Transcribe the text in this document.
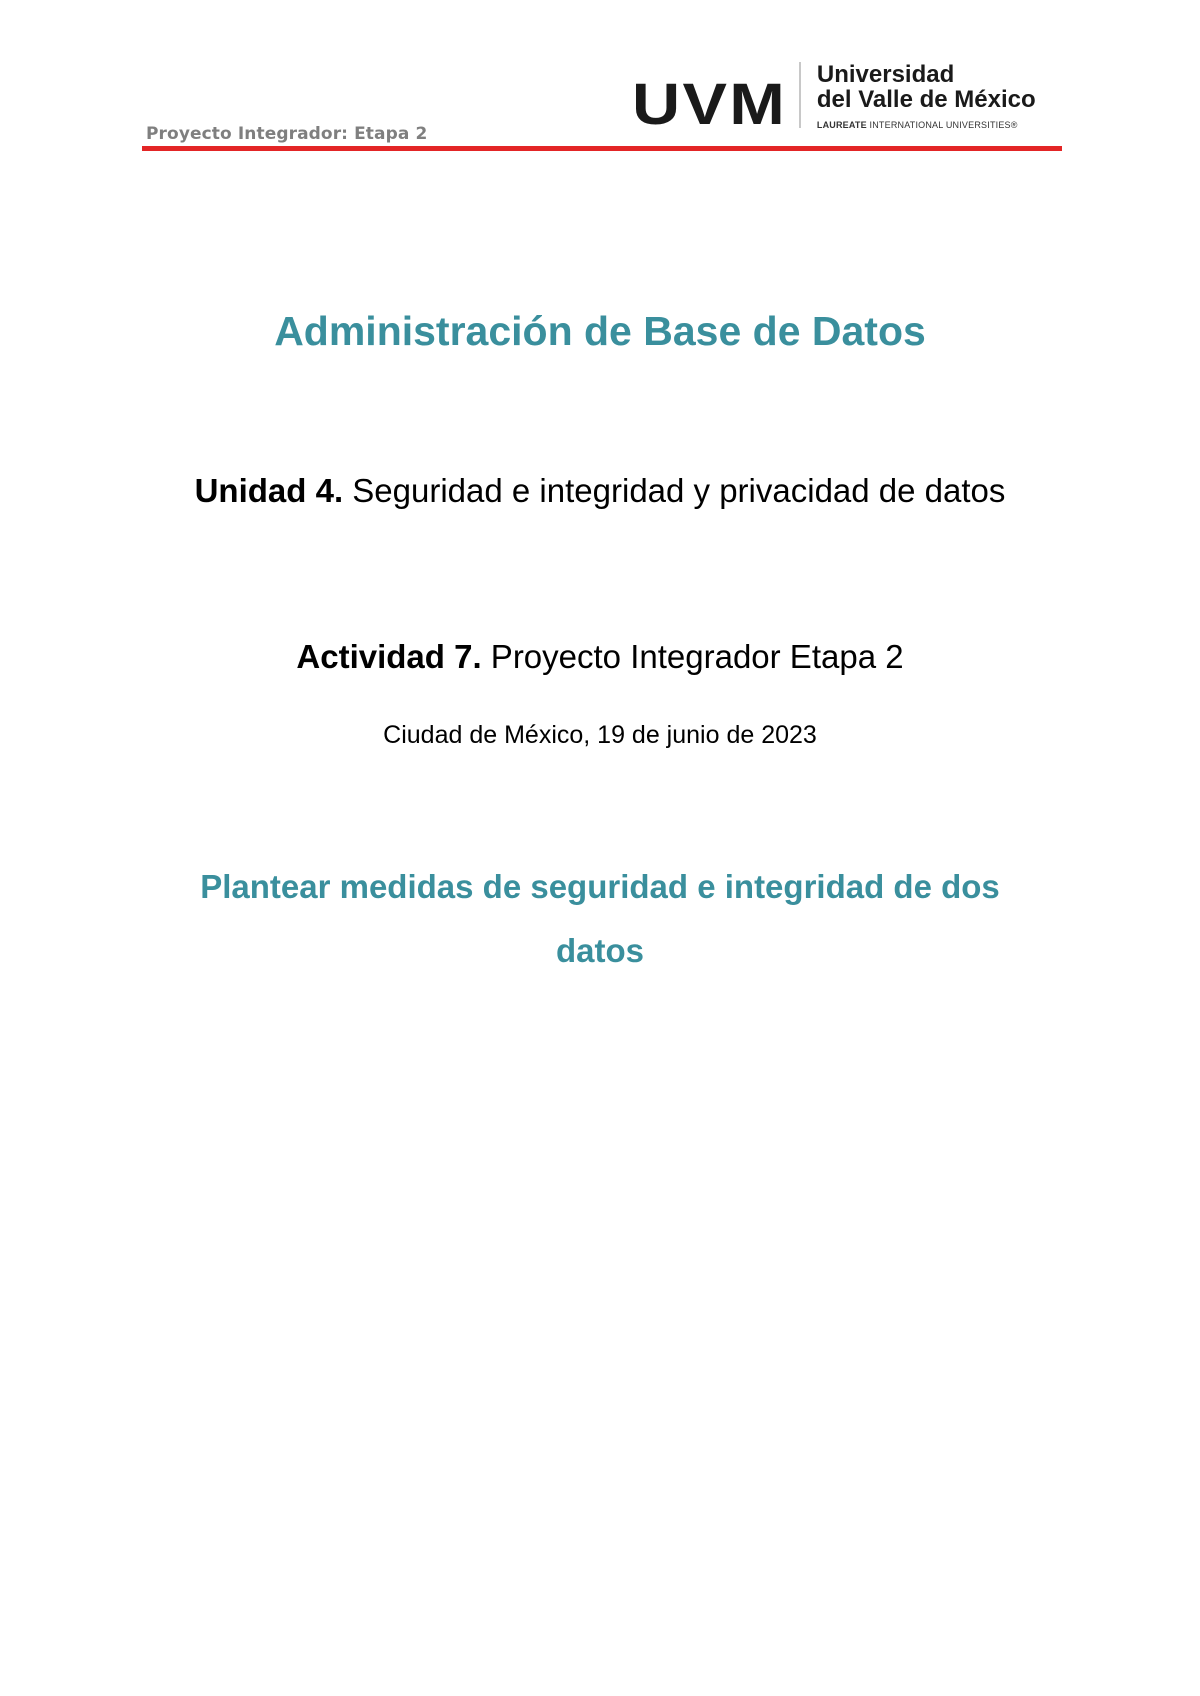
Proyecto Integrador: Etapa 2	UVM Universidad
del Valle de México
LAUREATE INTERNATIONAL UNIVERSITIES®
Administración de Base de Datos
Unidad 4. Seguridad e integridad y privacidad de datos
Actividad 7. Proyecto Integrador Etapa 2
Ciudad de México, 19 de junio de 2023
Plantear medidas de seguridad e integridad de dos
datos
